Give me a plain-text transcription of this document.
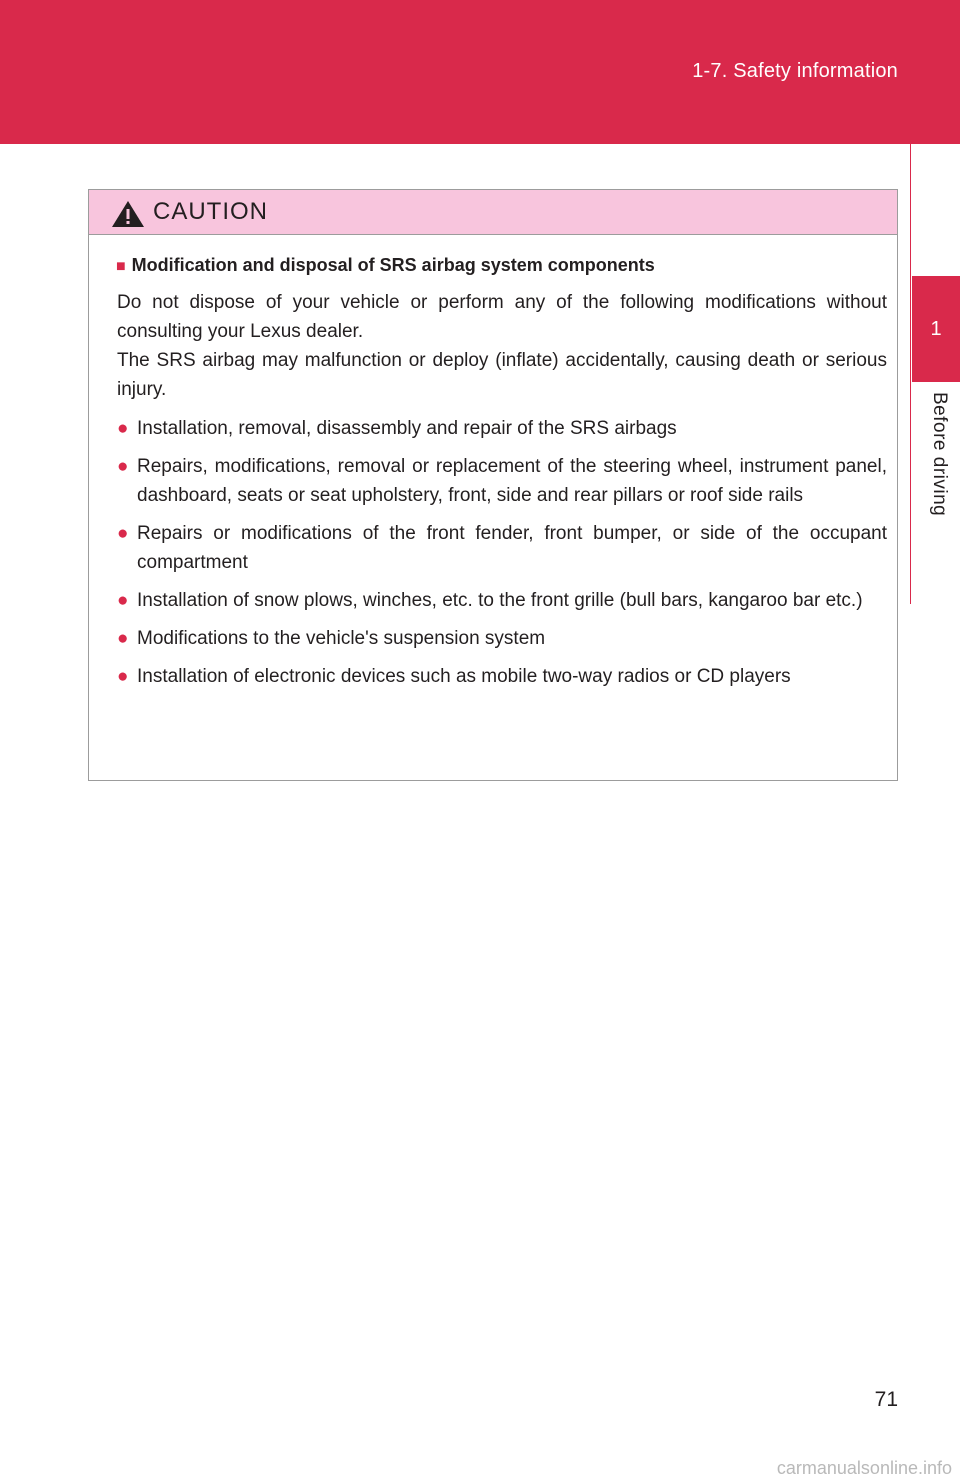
1-7. Safety information
1
Before driving
CAUTION
■ Modification and disposal of SRS airbag system components

Do not dispose of your vehicle or perform any of the following modifications without consulting your Lexus dealer.

The SRS airbag may malfunction or deploy (inflate) accidentally, causing death or serious injury.

● Installation, removal, disassembly and repair of the SRS airbags
● Repairs, modifications, removal or replacement of the steering wheel, instrument panel, dashboard, seats or seat upholstery, front, side and rear pillars or roof side rails
● Repairs or modifications of the front fender, front bumper, or side of the occupant compartment
● Installation of snow plows, winches, etc. to the front grille (bull bars, kangaroo bar etc.)
● Modifications to the vehicle's suspension system
● Installation of electronic devices such as mobile two-way radios or CD players
71
carmanualsonline.info
